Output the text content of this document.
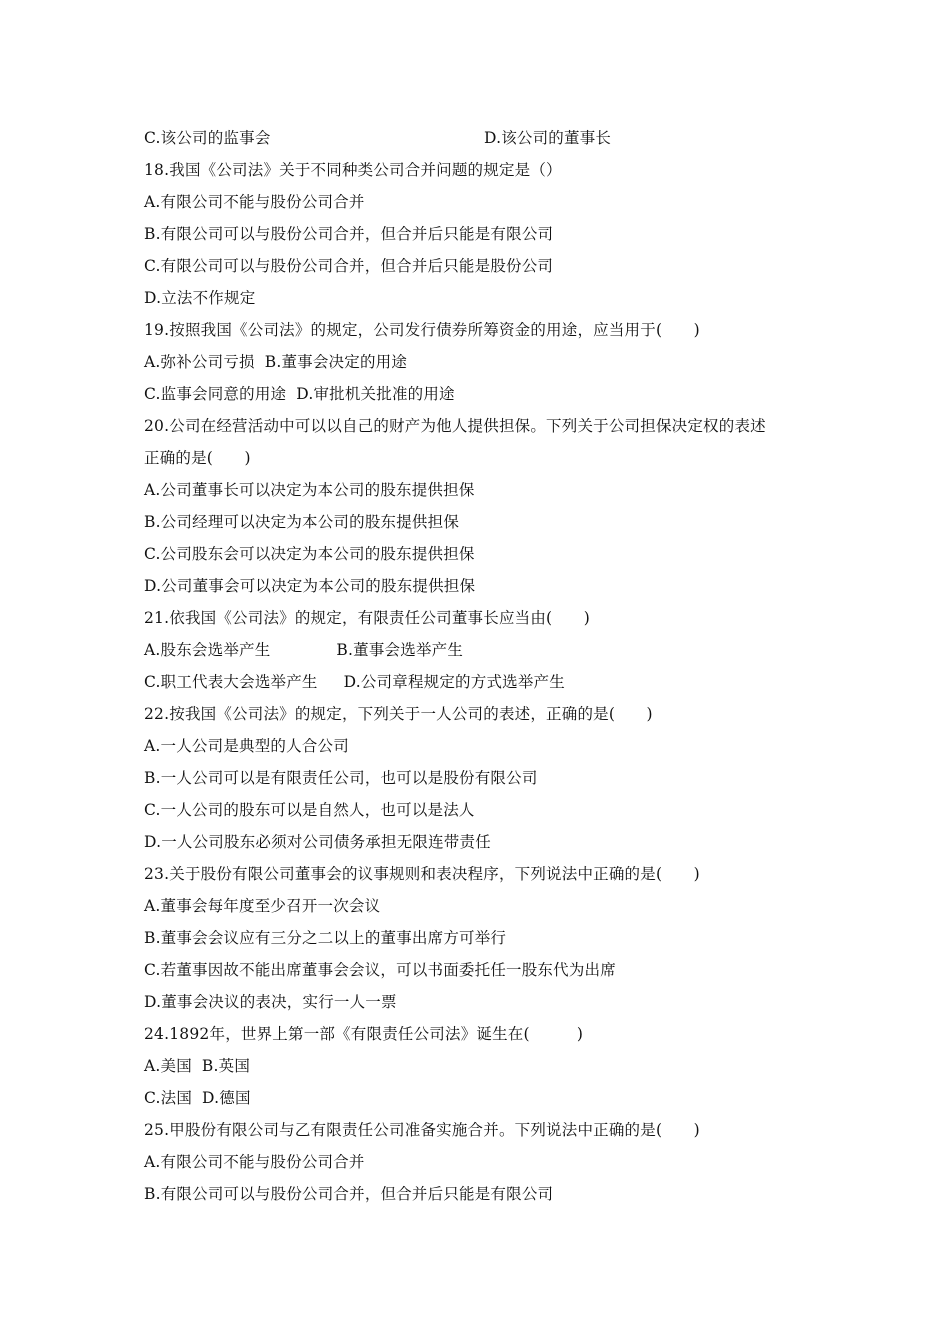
C.该公司的监事会	D.该公司的董事长
18.我国《公司法》关于不同种类公司合并问题的规定是（）
A.有限公司不能与股份公司合并
B.有限公司可以与股份公司合并，但合并后只能是有限公司
C.有限公司可以与股份公司合并，但合并后只能是股份公司
D.立法不作规定
19.按照我国《公司法》的规定，公司发行债券所筹资金的用途，应当用于(　　)
A.弥补公司亏损 B.董事会决定的用途
C.监事会同意的用途 D.审批机关批准的用途
20.公司在经营活动中可以以自己的财产为他人提供担保。下列关于公司担保决定权的表述
正确的是(　　)
A.公司董事长可以决定为本公司的股东提供担保
B.公司经理可以决定为本公司的股东提供担保
C.公司股东会可以决定为本公司的股东提供担保
D.公司董事会可以决定为本公司的股东提供担保
21.依我国《公司法》的规定，有限责任公司董事长应当由(　　)
A.股东会选举产生	B.董事会选举产生
C.职工代表大会选举产生 D.公司章程规定的方式选举产生
22.按我国《公司法》的规定，下列关于一人公司的表述，正确的是(　　)
A.一人公司是典型的人合公司
B.一人公司可以是有限责任公司，也可以是股份有限公司
C.一人公司的股东可以是自然人，也可以是法人
D.一人公司股东必须对公司债务承担无限连带责任
23.关于股份有限公司董事会的议事规则和表决程序，下列说法中正确的是(　　)
A.董事会每年度至少召开一次会议
B.董事会会议应有三分之二以上的董事出席方可举行
C.若董事因故不能出席董事会会议，可以书面委托任一股东代为出席
D.董事会决议的表决，实行一人一票
24.1892年，世界上第一部《有限责任公司法》诞生在(　　　)
A.美国 B.英国
C.法国 D.德国
25.甲股份有限公司与乙有限责任公司准备实施合并。下列说法中正确的是(　　)
A.有限公司不能与股份公司合并
B.有限公司可以与股份公司合并，但合并后只能是有限公司
